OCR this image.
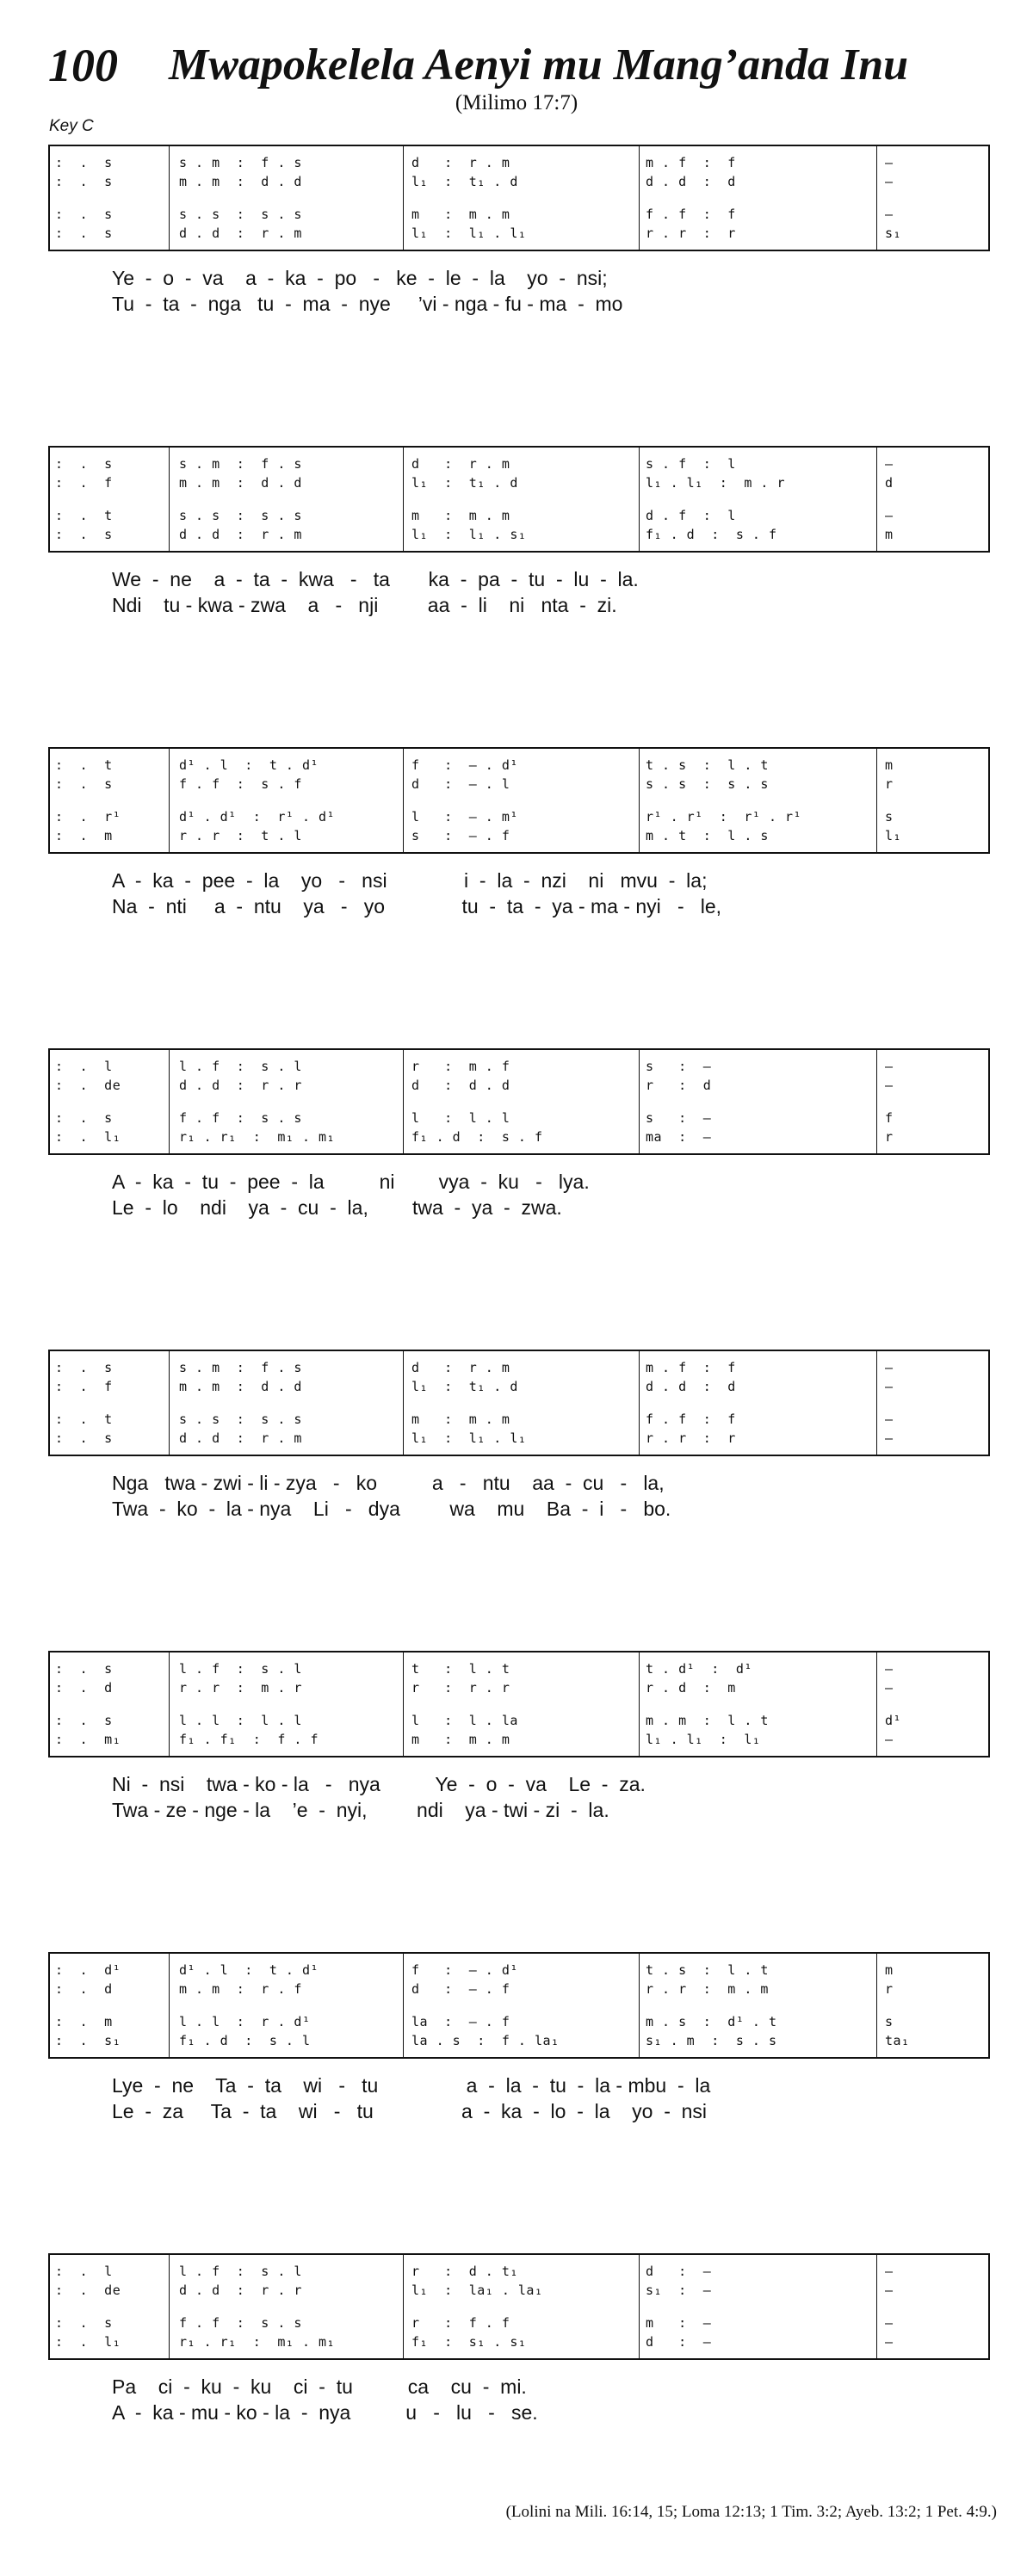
100 Mwapokelela Aenyi mu Mang’anda Inu
(Milimo 17:7)
Key C
:  .  s	s . m  :  f . s	d   :  r . m	m . f  :  f	—
:  .  s	m . m  :  d . d	l₁  :  t₁ . d	d . d  :  d	—
:  .  s	s . s  :  s . s	m   :  m . m	f . f  :  f	—
:  .  s	d . d  :  r . m	l₁  :  l₁ . l₁	r . r  :  r	s₁
Ye  -  o  -  va    a  -  ka  -  po   -   ke  -  le  -  la    yo  -  nsi;
Tu  -  ta  -  nga   tu  -  ma  -  nye     ’vi - nga - fu - ma  -  mo
:  .  s	s . m  :  f . s	d   :  r . m	s . f  :  l	—
:  .  f	m . m  :  d . d	l₁  :  t₁ . d	l₁ . l₁  :  m . r	d
:  .  t	s . s  :  s . s	m   :  m . m	d . f  :  l	—
:  .  s	d . d  :  r . m	l₁  :  l₁ . s₁	f₁ . d  :  s . f	m
We  -  ne    a  -  ta  -  kwa   -   ta       ka  -  pa  -  tu  -  lu  -  la.
Ndi    tu - kwa - zwa    a   -   nji         aa  -  li    ni   nta  -  zi.
:  .  t	d¹ . l  :  t . d¹	f   :  – . d¹	t . s  :  l . t	m
:  .  s	f . f  :  s . f	d   :  – . l	s . s  :  s . s	r
:  .  r¹	d¹ . d¹  :  r¹ . d¹	l   :  – . m¹	r¹ . r¹  :  r¹ . r¹	s
:  .  m	r . r  :  t . l	s   :  – . f	m . t  :  l . s	l₁
A  -  ka  -  pee  -  la    yo   -   nsi              i  -  la  -  nzi    ni   mvu  -  la;
Na  -  nti     a  -  ntu    ya   -   yo              tu  -  ta  -  ya - ma - nyi   -   le,
:  .  l	l . f  :  s . l	r   :  m . f	s   :  —	—
:  .  de	d . d  :  r . r	d   :  d . d	r   :  d	—
:  .  s	f . f  :  s . s	l   :  l . l	s   :  —	f
:  .  l₁	r₁ . r₁  :  m₁ . m₁	f₁ . d  :  s . f	ma  :  —	r
A  -  ka  -  tu  -  pee  -  la          ni        vya  -  ku   -   lya.
Le  -  lo    ndi    ya  -  cu  -  la,        twa  -  ya  -  zwa.
:  .  s	s . m  :  f . s	d   :  r . m	m . f  :  f	—
:  .  f	m . m  :  d . d	l₁  :  t₁ . d	d . d  :  d	—
:  .  t	s . s  :  s . s	m   :  m . m	f . f  :  f	—
:  .  s	d . d  :  r . m	l₁  :  l₁ . l₁	r . r  :  r	—
Nga   twa - zwi - li - zya   -   ko          a   -   ntu    aa  -  cu   -   la,
Twa  -  ko  -  la - nya    Li   -   dya         wa    mu    Ba  -  i   -   bo.
:  .  s	l . f  :  s . l	t   :  l . t	t . d¹  :  d¹	—
:  .  d	r . r  :  m . r	r   :  r . r	r . d  :  m	—
:  .  s	l . l  :  l . l	l   :  l . la	m . m  :  l . t	d¹
:  .  m₁	f₁ . f₁  :  f . f	m   :  m . m	l₁ . l₁  :  l₁	—
Ni  -  nsi    twa - ko - la   -   nya          Ye  -  o  -  va    Le  -  za.
Twa - ze - nge - la    ’e  -  nyi,         ndi    ya - twi - zi  -  la.
:  .  d¹	d¹ . l  :  t . d¹	f   :  – . d¹	t . s  :  l . t	m
:  .  d	m . m  :  r . f	d   :  – . f	r . r  :  m . m	r
:  .  m	l . l  :  r . d¹	la  :  – . f	m . s  :  d¹ . t	s
:  .  s₁	f₁ . d  :  s . l	la . s  :  f . la₁	s₁ . m  :  s . s	ta₁
Lye  -  ne    Ta  -  ta    wi   -   tu                a  -  la  -  tu  -  la - mbu  -  la
Le  -  za     Ta  -  ta    wi   -   tu                a  -  ka  -  lo  -  la    yo  -  nsi
:  .  l	l . f  :  s . l	r   :  d . t₁	d   :  —	—
:  .  de	d . d  :  r . r	l₁  :  la₁ . la₁	s₁  :  —	—
:  .  s	f . f  :  s . s	r   :  f . f	m   :  —	—
:  .  l₁	r₁ . r₁  :  m₁ . m₁	f₁  :  s₁ . s₁	d   :  —	—
Pa    ci  -  ku  -  ku    ci  -  tu          ca    cu  -  mi.
A  -  ka - mu - ko - la  -  nya          u   -   lu   -   se.
(Lolini na Mili. 16:14, 15; Loma 12:13; 1 Tim. 3:2; Ayeb. 13:2; 1 Pet. 4:9.)
